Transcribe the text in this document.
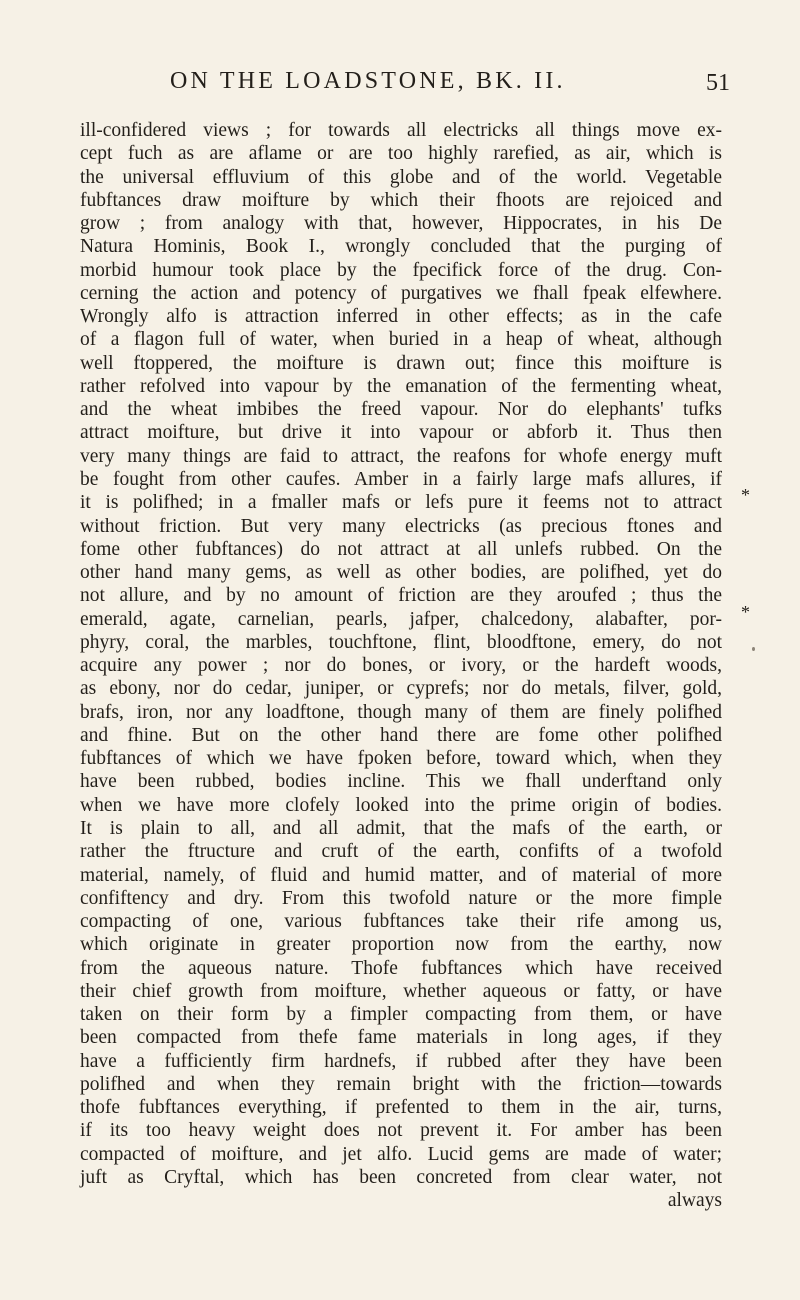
ON THE LOADSTONE, BK. II.	51
ill-confidered views ; for towards all electricks all things move ex-
cept fuch as are aflame or are too highly rarefied, as air, which is
the universal effluvium of this globe and of the world. Vegetable
fubftances draw moifture by which their fhoots are rejoiced and
grow ; from analogy with that, however, Hippocrates, in his De
Natura Hominis, Book I., wrongly concluded that the purging of
morbid humour took place by the fpecifick force of the drug. Con-
cerning the action and potency of purgatives we fhall fpeak elfewhere.
Wrongly alfo is attraction inferred in other effects; as in the cafe
of a flagon full of water, when buried in a heap of wheat, although
well ftoppered, the moifture is drawn out; fince this moifture is
rather refolved into vapour by the emanation of the fermenting wheat,
and the wheat imbibes the freed vapour. Nor do elephants' tufks
attract moifture, but drive it into vapour or abforb it. Thus then
very many things are faid to attract, the reafons for whofe energy muft
be fought from other caufes. Amber in a fairly large mafs allures, if
it is polifhed; in a fmaller mafs or lefs pure it feems not to attract
without friction. But very many electricks (as precious ftones and
fome other fubftances) do not attract at all unlefs rubbed. On the
other hand many gems, as well as other bodies, are polifhed, yet do
not allure, and by no amount of friction are they aroufed ; thus the
emerald, agate, carnelian, pearls, jafper, chalcedony, alabafter, por-
phyry, coral, the marbles, touchftone, flint, bloodftone, emery, do not
acquire any power ; nor do bones, or ivory, or the hardeft woods,
as ebony, nor do cedar, juniper, or cyprefs; nor do metals, filver, gold,
brafs, iron, nor any loadftone, though many of them are finely polifhed
and fhine. But on the other hand there are fome other polifhed
fubftances of which we have fpoken before, toward which, when they
have been rubbed, bodies incline. This we fhall underftand only
when we have more clofely looked into the prime origin of bodies.
It is plain to all, and all admit, that the mafs of the earth, or
rather the ftructure and cruft of the earth, confifts of a twofold
material, namely, of fluid and humid matter, and of material of more
confiftency and dry. From this twofold nature or the more fimple
compacting of one, various fubftances take their rife among us,
which originate in greater proportion now from the earthy, now
from the aqueous nature. Thofe fubftances which have received
their chief growth from moifture, whether aqueous or fatty, or have
taken on their form by a fimpler compacting from them, or have
been compacted from thefe fame materials in long ages, if they
have a fufficiently firm hardnefs, if rubbed after they have been
polifhed and when they remain bright with the friction—towards
thofe fubftances everything, if prefented to them in the air, turns,
if its too heavy weight does not prevent it. For amber has been
compacted of moifture, and jet alfo. Lucid gems are made of water;
juft as Cryftal, which has been concreted from clear water, not
always
*
*
